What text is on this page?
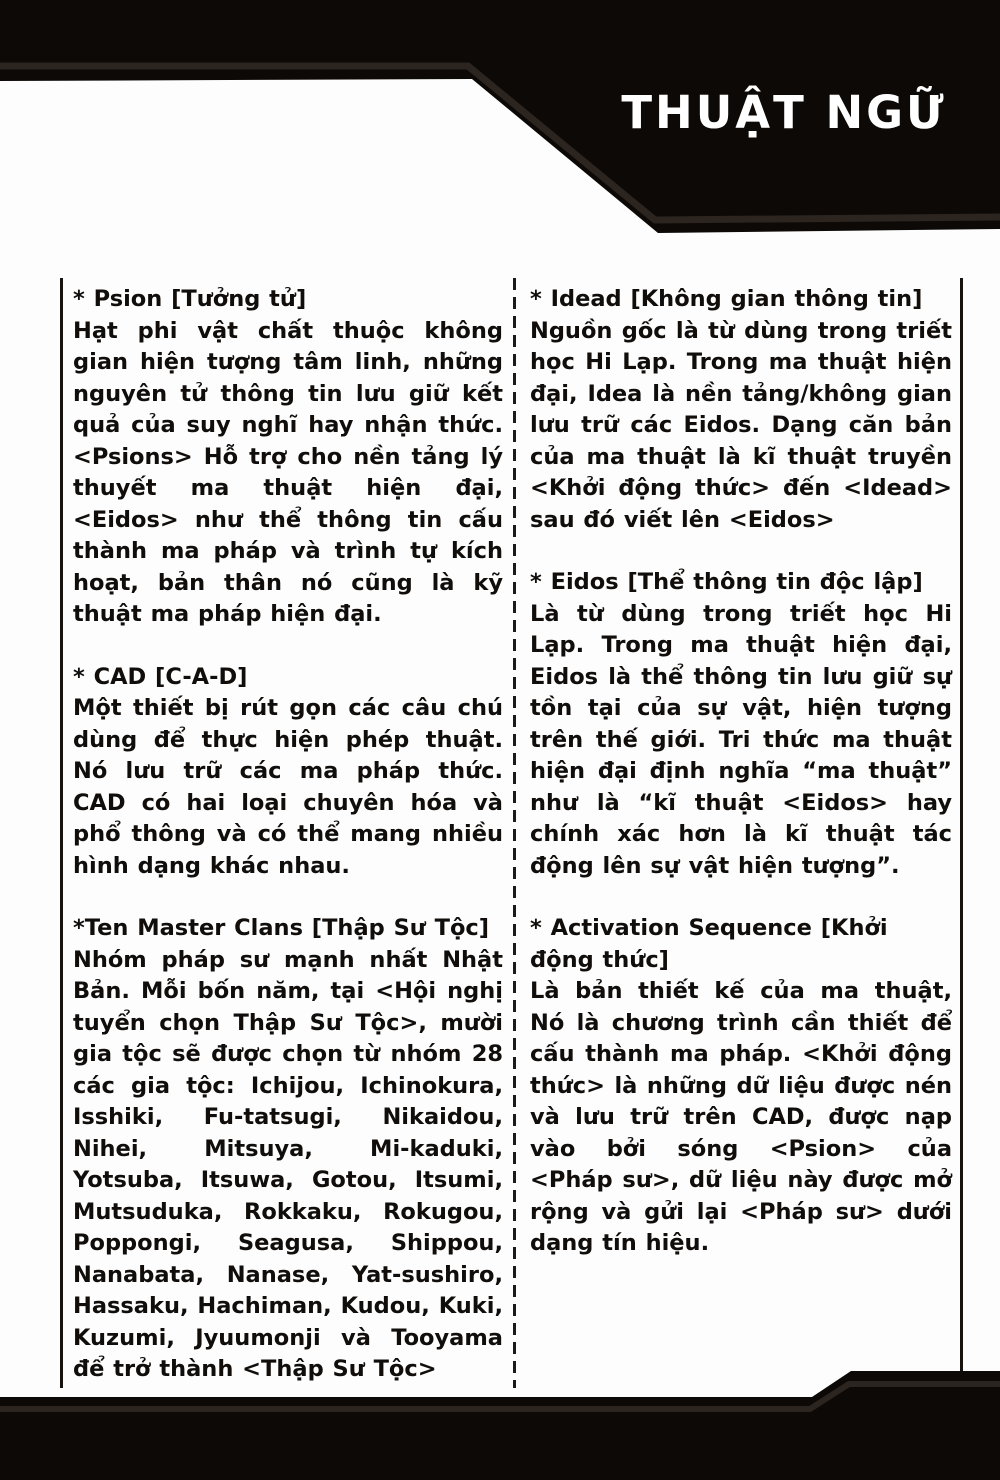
THUẬT NGỮ
* Psion [Tưởng tử]
Hạt phi vật chất thuộc không gian hiện tượng tâm linh, những nguyên tử thông tin lưu giữ kết quả của suy nghĩ hay nhận thức. <Psions> Hỗ trợ cho nền tảng lý thuyết ma thuật hiện đại, <Eidos> như thể thông tin cấu thành ma pháp và trình tự kích hoạt, bản thân nó cũng là kỹ thuật ma pháp hiện đại.
* CAD [C-A-D]
Một thiết bị rút gọn các câu chú dùng để thực hiện phép thuật. Nó lưu trữ các ma pháp thức. CAD có hai loại chuyên hóa và phổ thông và có thể mang nhiều hình dạng khác nhau.
*Ten Master Clans [Thập Sư Tộc]
Nhóm pháp sư mạnh nhất Nhật Bản. Mỗi bốn năm, tại <Hội nghị tuyển chọn Thập Sư Tộc>, mười gia tộc sẽ được chọn từ nhóm 28 các gia tộc: Ichijou, Ichinokura, Isshiki, Fu-tatsugi, Nikaidou, Nihei, Mitsuya, Mi-kaduki, Yotsuba, Itsuwa, Gotou, Itsumi, Mutsuduka, Rokkaku, Rokugou, Poppongi, Seagusa, Shippou, Nanabata, Nanase, Yat-sushiro, Hassaku, Hachiman, Kudou, Kuki, Kuzumi, Jyuumonji và Tooyama để trở thành <Thập Sư Tộc>
* Idead [Không gian thông tin]
Nguồn gốc là từ dùng trong triết học Hi Lạp. Trong ma thuật hiện đại, Idea là nền tảng/không gian lưu trữ các Eidos. Dạng căn bản của ma thuật là kĩ thuật truyền <Khởi động thức> đến <Idead> sau đó viết lên <Eidos>
* Eidos [Thể thông tin độc lập]
Là từ dùng trong triết học Hi Lạp. Trong ma thuật hiện đại, Eidos là thể thông tin lưu giữ sự tồn tại của sự vật, hiện tượng trên thế giới. Tri thức ma thuật hiện đại định nghĩa “ma thuật” như là “kĩ thuật <Eidos> hay chính xác hơn là kĩ thuật tác động lên sự vật hiện tượng”.
* Activation Sequence [Khởi động thức]
Là bản thiết kế của ma thuật, Nó là chương trình cần thiết để cấu thành ma pháp. <Khởi động thức> là những dữ liệu được nén và lưu trữ trên CAD, được nạp vào bởi sóng <Psion> của <Pháp sư>, dữ liệu này được mở rộng và gửi lại <Pháp sư> dưới dạng tín hiệu.
